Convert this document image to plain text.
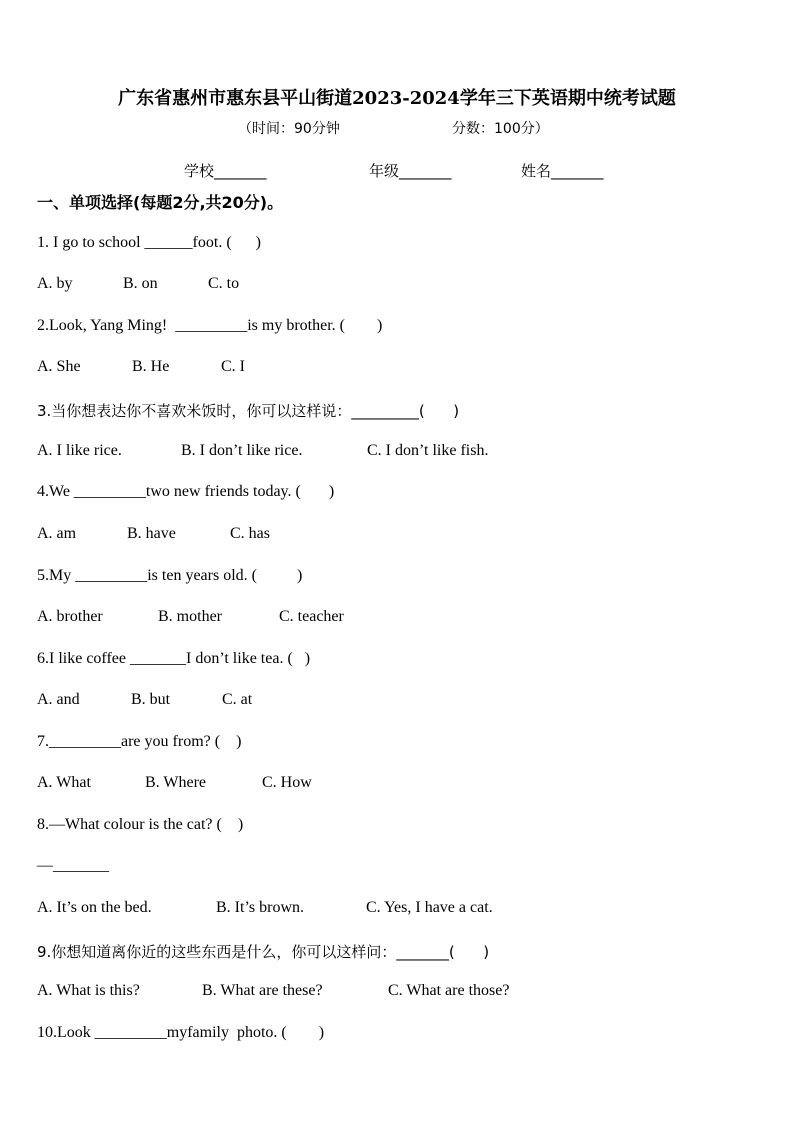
广东省惠州市惠东县平山街道2023-2024学年三下英语期中统考试题
（时间：90分钟	分数：100分）
学校_______	年级_______	姓名_______
一、单项选择(每题2分,共20分)。
1. I go to school ______foot. (      )
A. by	B. on	C. to
2.Look, Yang Ming!  _________is my brother. (        )
A. She	B. He	C. I
3.当你想表达你不喜欢米饭时，你可以这样说：_________(      )
A. I like rice.	B. I don’t like rice.	C. I don’t like fish.
4.We _________two new friends today. (       )
A. am	B. have	C. has
5.My _________is ten years old. (          )
A. brother	B. mother	C. teacher
6.I like coffee _______I don’t like tea. (   )
A. and	B. but	C. at
7._________are you from? (    )
A. What	B. Where	C. How
8.—What colour is the cat? (    )
—_______
A. It’s on the bed.	B. It’s brown.	C. Yes, I have a cat.
9.你想知道离你近的这些东西是什么，你可以这样问：_______(      )
A. What is this?	B. What are these?	C. What are those?
10.Look _________myfamily  photo. (        )
